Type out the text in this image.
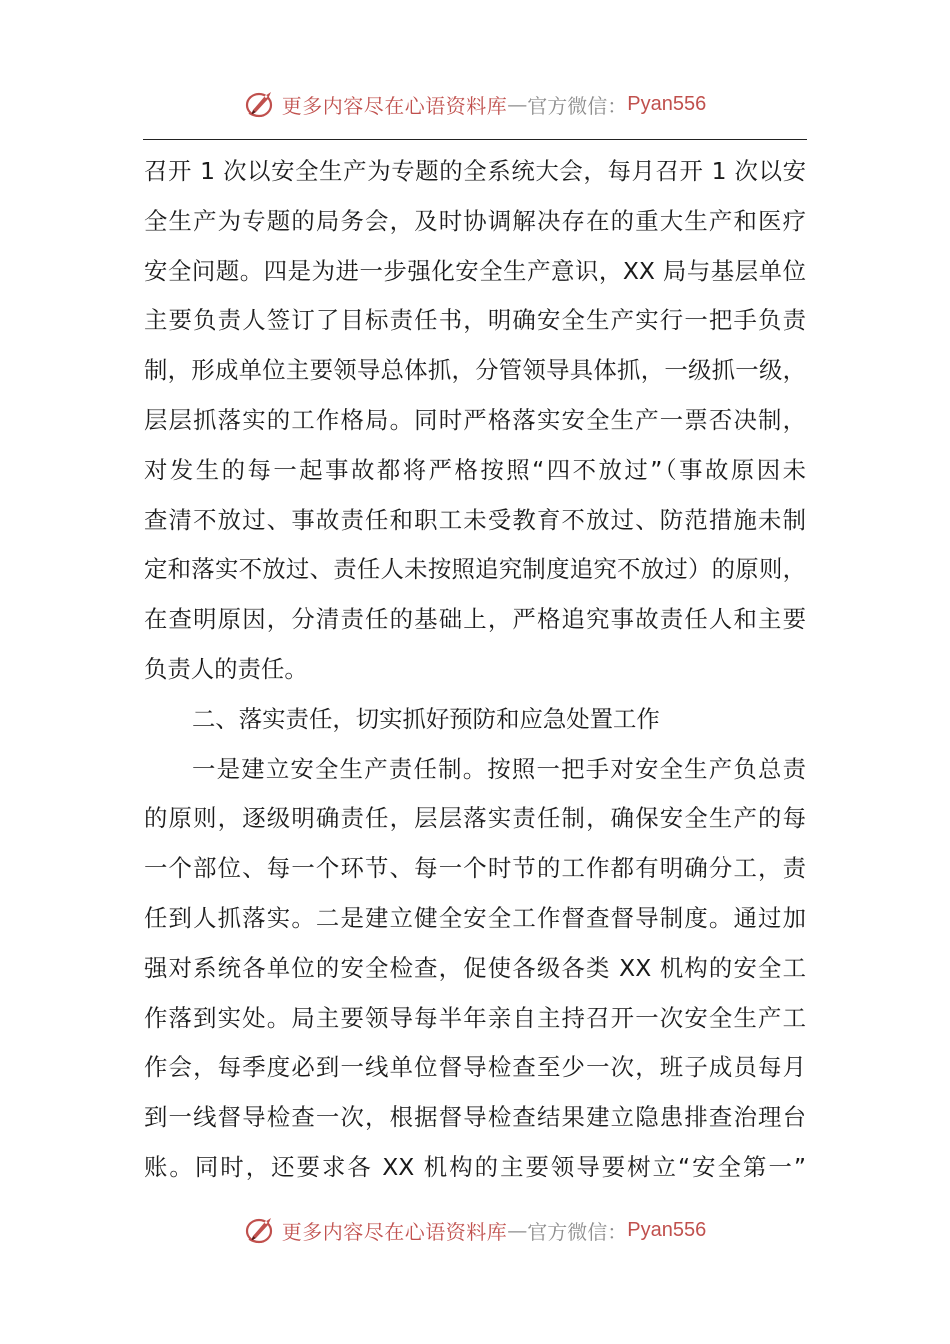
更多内容尽在心语资料库 — 官方微信： Pyan556
召开 1 次以安全生产为专题的全系统大会，每月召开 1 次以安
全生产为专题的局务会，及时协调解决存在的重大生产和医疗
安全问题。四是为进一步强化安全生产意识，XX 局与基层单位
主要负责人签订了目标责任书，明确安全生产实行一把手负责
制，形成单位主要领导总体抓，分管领导具体抓，一级抓一级，
层层抓落实的工作格局。同时严格落实安全生产一票否决制，
对发生的每一起事故都将严格按照“四不放过”（事故原因未
查清不放过、事故责任和职工未受教育不放过、防范措施未制
定和落实不放过、责任人未按照追究制度追究不放过）的原则，
在查明原因，分清责任的基础上，严格追究事故责任人和主要
负责人的责任。
二、落实责任，切实抓好预防和应急处置工作
一是建立安全生产责任制。按照一把手对安全生产负总责
的原则，逐级明确责任，层层落实责任制，确保安全生产的每
一个部位、每一个环节、每一个时节的工作都有明确分工，责
任到人抓落实。二是建立健全安全工作督查督导制度。通过加
强对系统各单位的安全检查，促使各级各类 XX 机构的安全工
作落到实处。局主要领导每半年亲自主持召开一次安全生产工
作会，每季度必到一线单位督导检查至少一次，班子成员每月
到一线督导检查一次，根据督导检查结果建立隐患排查治理台
账。同时，还要求各 XX 机构的主要领导要树立“安全第一”
更多内容尽在心语资料库 — 官方微信： Pyan556
